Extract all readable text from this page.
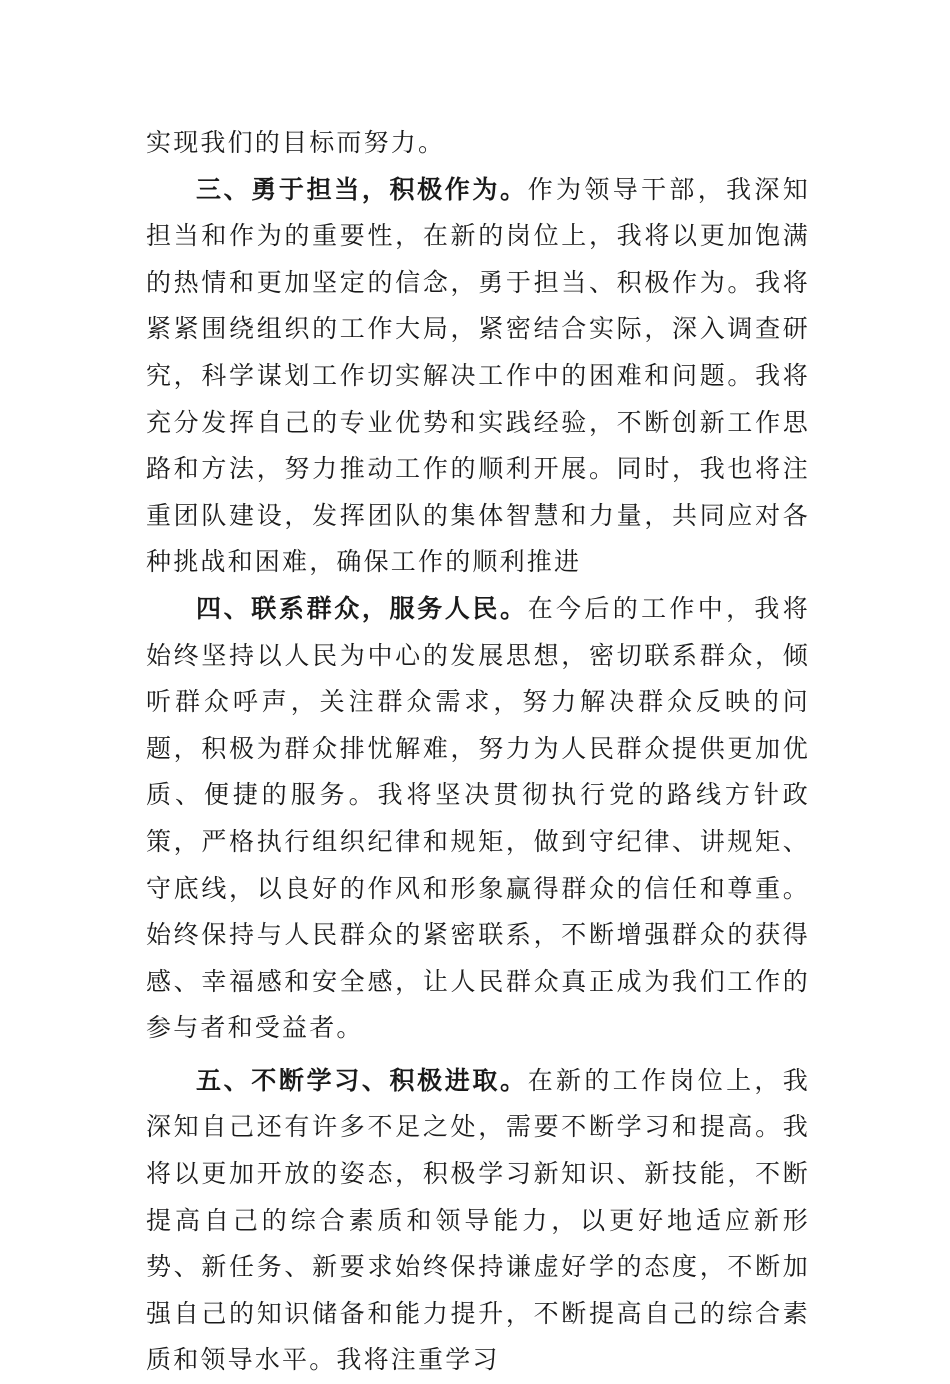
实现我们的目标而努力。

三、勇于担当，积极作为。作为领导干部，我深知担当和作为的重要性，在新的岗位上，我将以更加饱满的热情和更加坚定的信念，勇于担当、积极作为。我将紧紧围绕组织的工作大局，紧密结合实际，深入调查研究，科学谋划工作切实解决工作中的困难和问题。我将充分发挥自己的专业优势和实践经验，不断创新工作思路和方法，努力推动工作的顺利开展。同时，我也将注重团队建设，发挥团队的集体智慧和力量，共同应对各种挑战和困难，确保工作的顺利推进

四、联系群众，服务人民。在今后的工作中，我将始终坚持以人民为中心的发展思想，密切联系群众，倾听群众呼声，关注群众需求，努力解决群众反映的问题，积极为群众排忧解难，努力为人民群众提供更加优质、便捷的服务。我将坚决贯彻执行党的路线方针政策，严格执行组织纪律和规矩，做到守纪律、讲规矩、守底线，以良好的作风和形象赢得群众的信任和尊重。始终保持与人民群众的紧密联系，不断增强群众的获得感、幸福感和安全感，让人民群众真正成为我们工作的参与者和受益者。

五、不断学习、积极进取。在新的工作岗位上，我深知自己还有许多不足之处，需要不断学习和提高。我将以更加开放的姿态，积极学习新知识、新技能，不断提高自己的综合素质和领导能力，以更好地适应新形势、新任务、新要求始终保持谦虚好学的态度，不断加强自己的知识储备和能力提升，不断提高自己的综合素质和领导水平。我将注重学习
